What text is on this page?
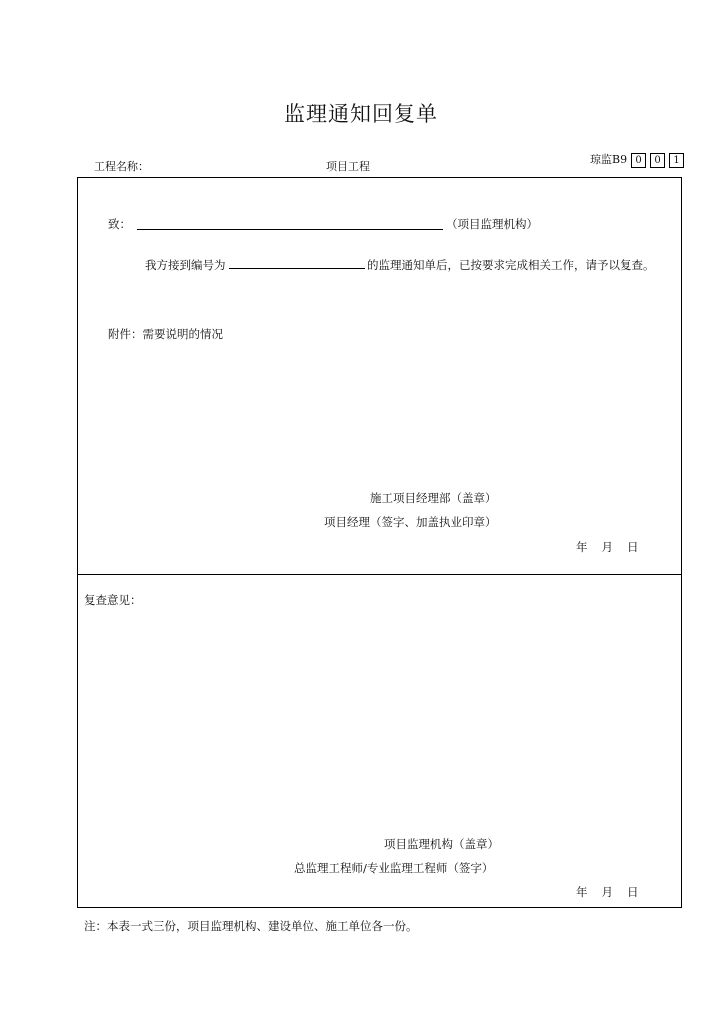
监理通知回复单
工程名称：	项目工程
琼监B9 0 0 1
致：	（项目监理机构）
我方接到编号为	的监理通知单后，已按要求完成相关工作，请予以复查。
附件：需要说明的情况
施工项目经理部（盖章）
项目经理（签字、加盖执业印章）
年 月 日
复查意见：
项目监理机构（盖章）
总监理工程师/专业监理工程师（签字）
年 月 日
注：本表一式三份，项目监理机构、建设单位、施工单位各一份。
